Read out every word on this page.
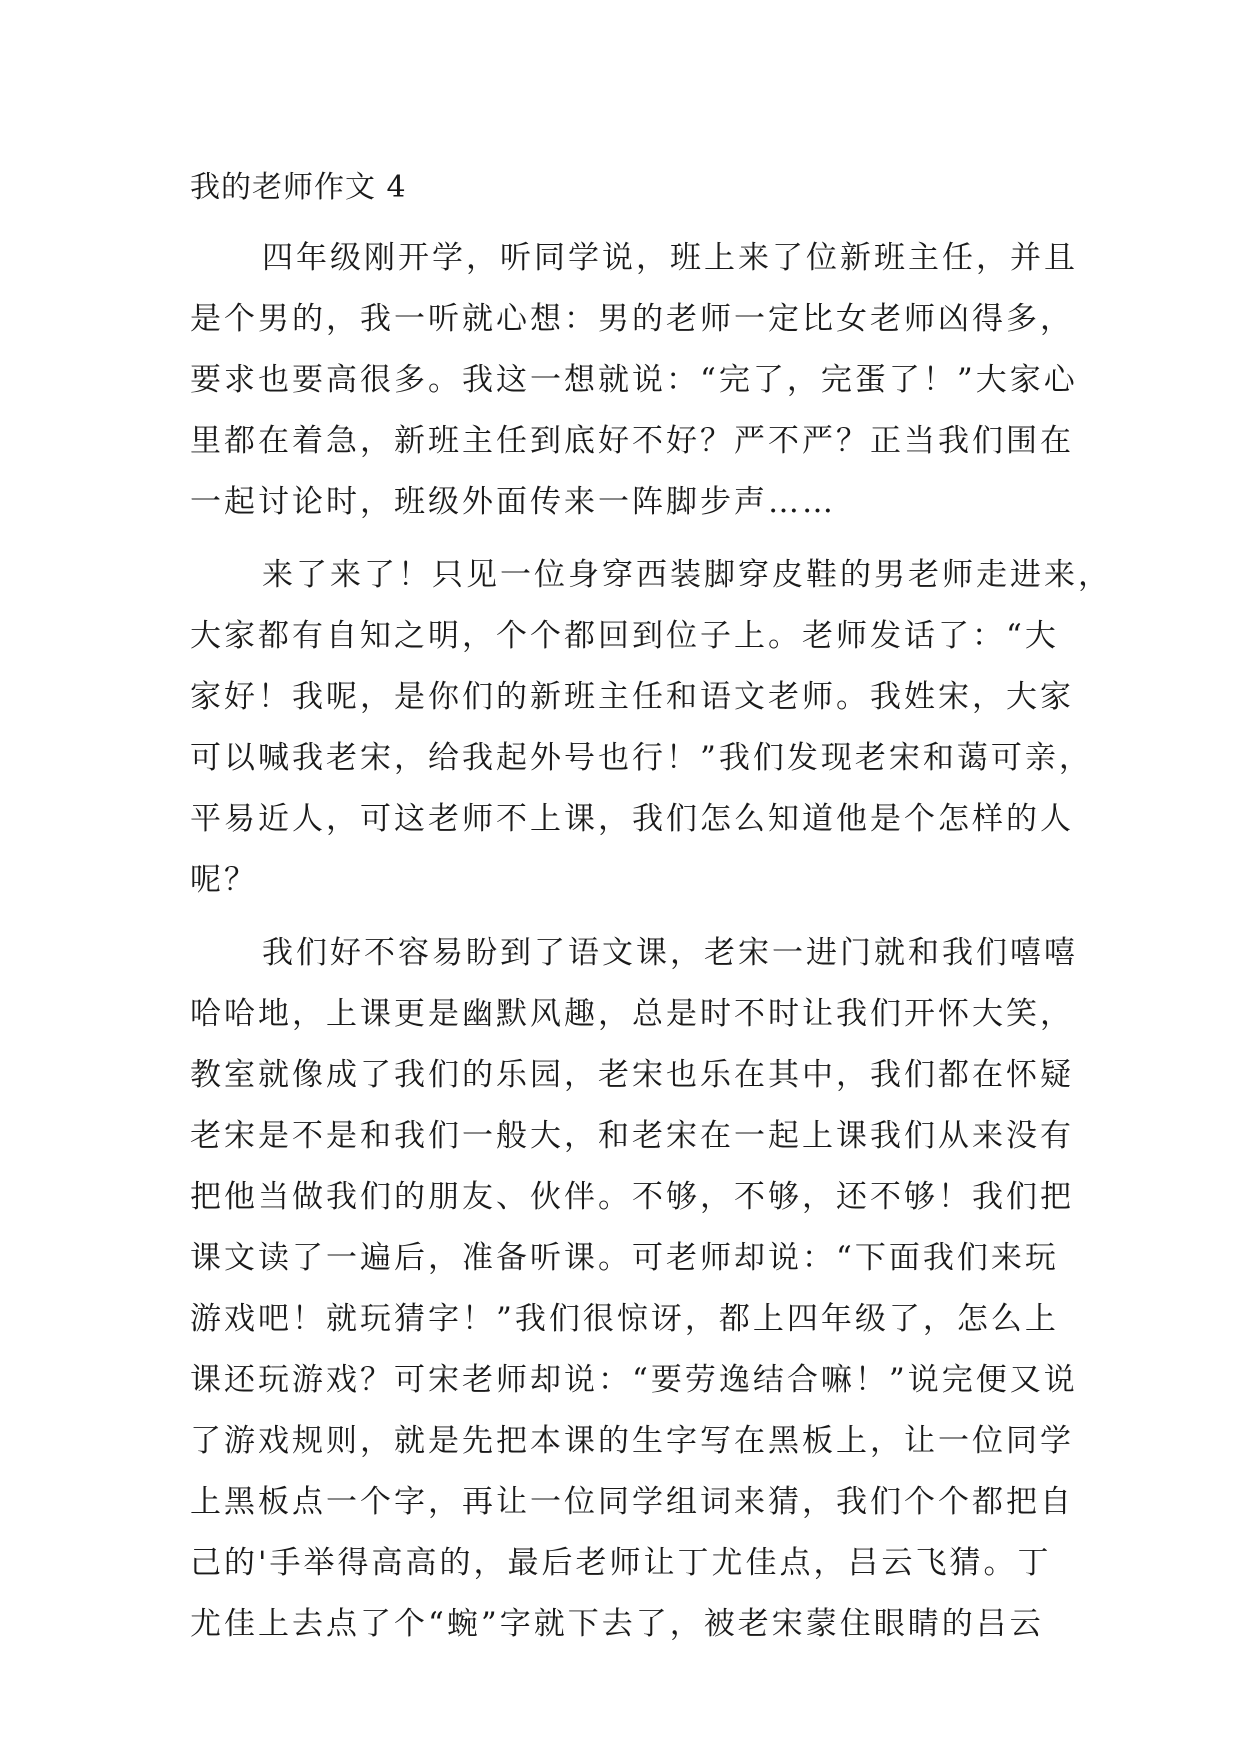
我的老师作文 4

四年级刚开学，听同学说，班上来了位新班主任，并且
是个男的，我一听就心想：男的老师一定比女老师凶得多，
要求也要高很多。我这一想就说：“完了，完蛋了！”大家心
里都在着急，新班主任到底好不好？严不严？正当我们围在
一起讨论时，班级外面传来一阵脚步声……
来了来了！只见一位身穿西装脚穿皮鞋的男老师走进来，
大家都有自知之明，个个都回到位子上。老师发话了：“大
家好！我呢，是你们的新班主任和语文老师。我姓宋，大家
可以喊我老宋，给我起外号也行！”我们发现老宋和蔼可亲，
平易近人，可这老师不上课，我们怎么知道他是个怎样的人
呢？
我们好不容易盼到了语文课，老宋一进门就和我们嘻嘻
哈哈地，上课更是幽默风趣，总是时不时让我们开怀大笑，
教室就像成了我们的乐园，老宋也乐在其中，我们都在怀疑
老宋是不是和我们一般大，和老宋在一起上课我们从来没有
把他当做我们的朋友、伙伴。不够，不够，还不够！我们把
课文读了一遍后，准备听课。可老师却说：“下面我们来玩
游戏吧！就玩猜字！”我们很惊讶，都上四年级了，怎么上
课还玩游戏？可宋老师却说：“要劳逸结合嘛！”说完便又说
了游戏规则，就是先把本课的生字写在黑板上，让一位同学
上黑板点一个字，再让一位同学组词来猜，我们个个都把自
己的'手举得高高的，最后老师让丁尤佳点，吕云飞猜。丁
尤佳上去点了个“蜿”字就下去了，被老宋蒙住眼睛的吕云
